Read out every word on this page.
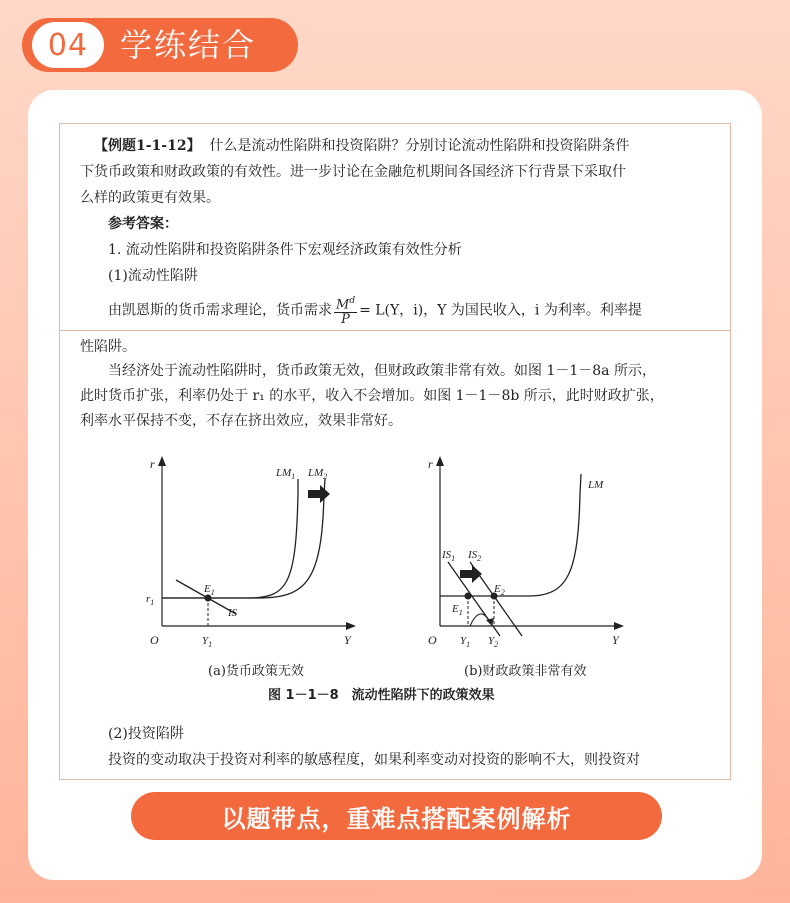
04 学练结合
【例题1-1-12】 什么是流动性陷阱和投资陷阱？分别讨论流动性陷阱和投资陷阱条件
下货币政策和财政政策的有效性。进一步讨论在金融危机期间各国经济下行背景下采取什
么样的政策更有效果。
参考答案：
1. 流动性陷阱和投资陷阱条件下宏观经济政策有效性分析
(1)流动性陷阱
由凯恩斯的货币需求理论，货币需求 $\frac{M^d}{P} = L(Y$，i)，Y 为国民收入，i 为利率。利率提
性陷阱。
当经济处于流动性陷阱时，货币政策无效，但财政政策非常有效。如图 1－1－8a 所示，
此时货币扩张，利率仍处于 r₁ 的水平，收入不会增加。如图 1－1－8b 所示，此时财政扩张，
利率水平保持不变，不存在挤出效应，效果非常好。
r
Y
O
$r_1$
$Y_1$
$E_1$
IS
$LM_1$ $LM_2$
r
Y
O
LM
$IS_1$ $IS_2$
$E_1$
$E_2$
$Y_1$ $Y_2$
(a)货币政策无效	(b)财政政策非常有效
图 1－1－8　流动性陷阱下的政策效果
(2)投资陷阱
投资的变动取决于投资对利率的敏感程度，如果利率变动对投资的影响不大，则投资对
以题带点，重难点搭配案例解析
